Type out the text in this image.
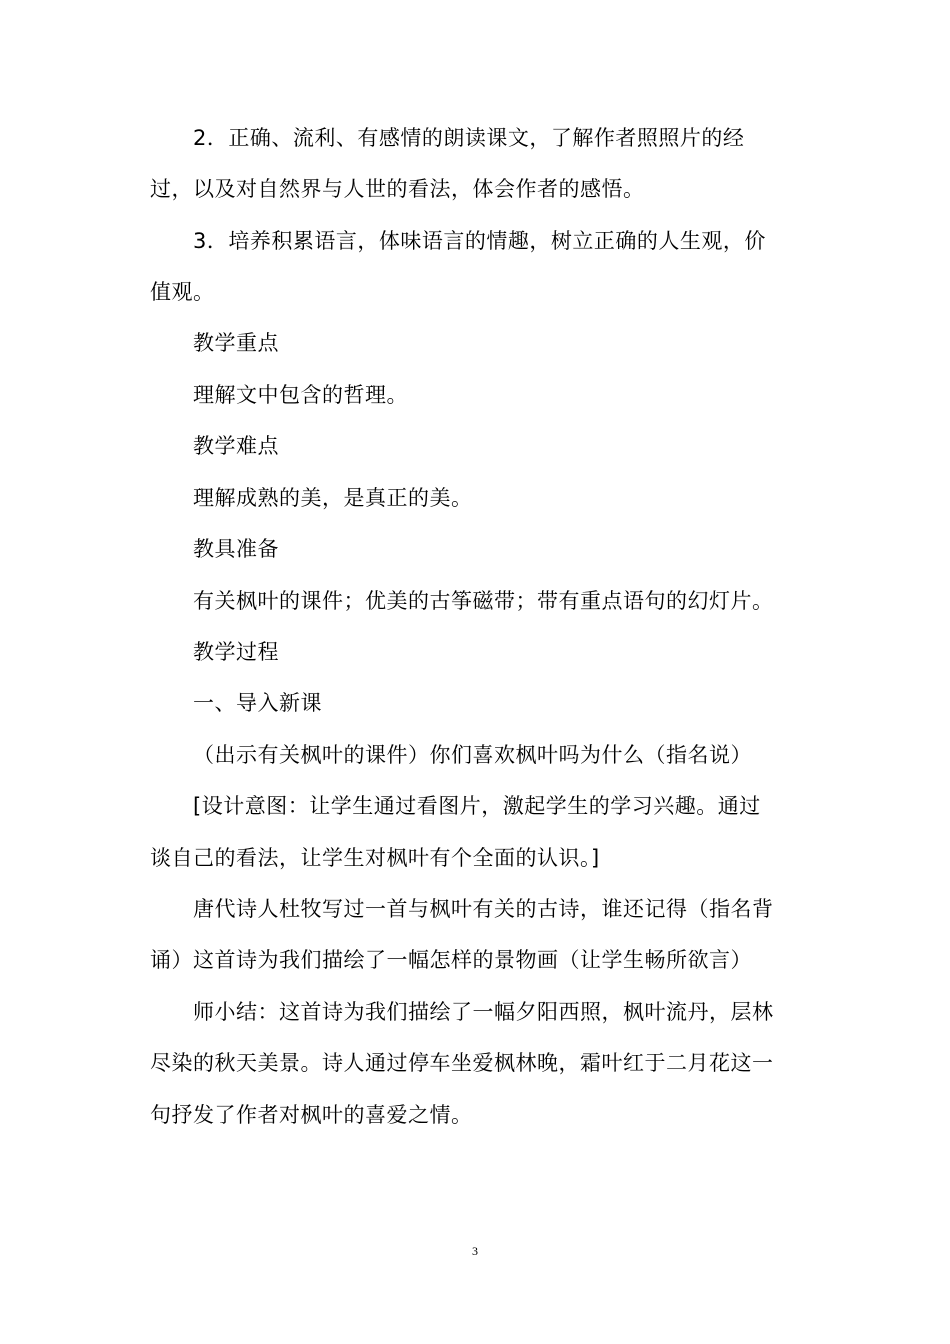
2．正确、流利、有感情的朗读课文，了解作者照照片的经
过，以及对自然界与人世的看法，体会作者的感悟。
3．培养积累语言，体味语言的情趣，树立正确的人生观，价
值观。
教学重点
理解文中包含的哲理。
教学难点
理解成熟的美，是真正的美。
教具准备
有关枫叶的课件；优美的古筝磁带；带有重点语句的幻灯片。
教学过程
一、导入新课
（出示有关枫叶的课件）你们喜欢枫叶吗为什么（指名说）
[设计意图：让学生通过看图片，激起学生的学习兴趣。通过
谈自己的看法，让学生对枫叶有个全面的认识。]
唐代诗人杜牧写过一首与枫叶有关的古诗，谁还记得（指名背
诵）这首诗为我们描绘了一幅怎样的景物画（让学生畅所欲言）
师小结：这首诗为我们描绘了一幅夕阳西照，枫叶流丹，层林
尽染的秋天美景。诗人通过停车坐爱枫林晚，霜叶红于二月花这一
句抒发了作者对枫叶的喜爱之情。
3
